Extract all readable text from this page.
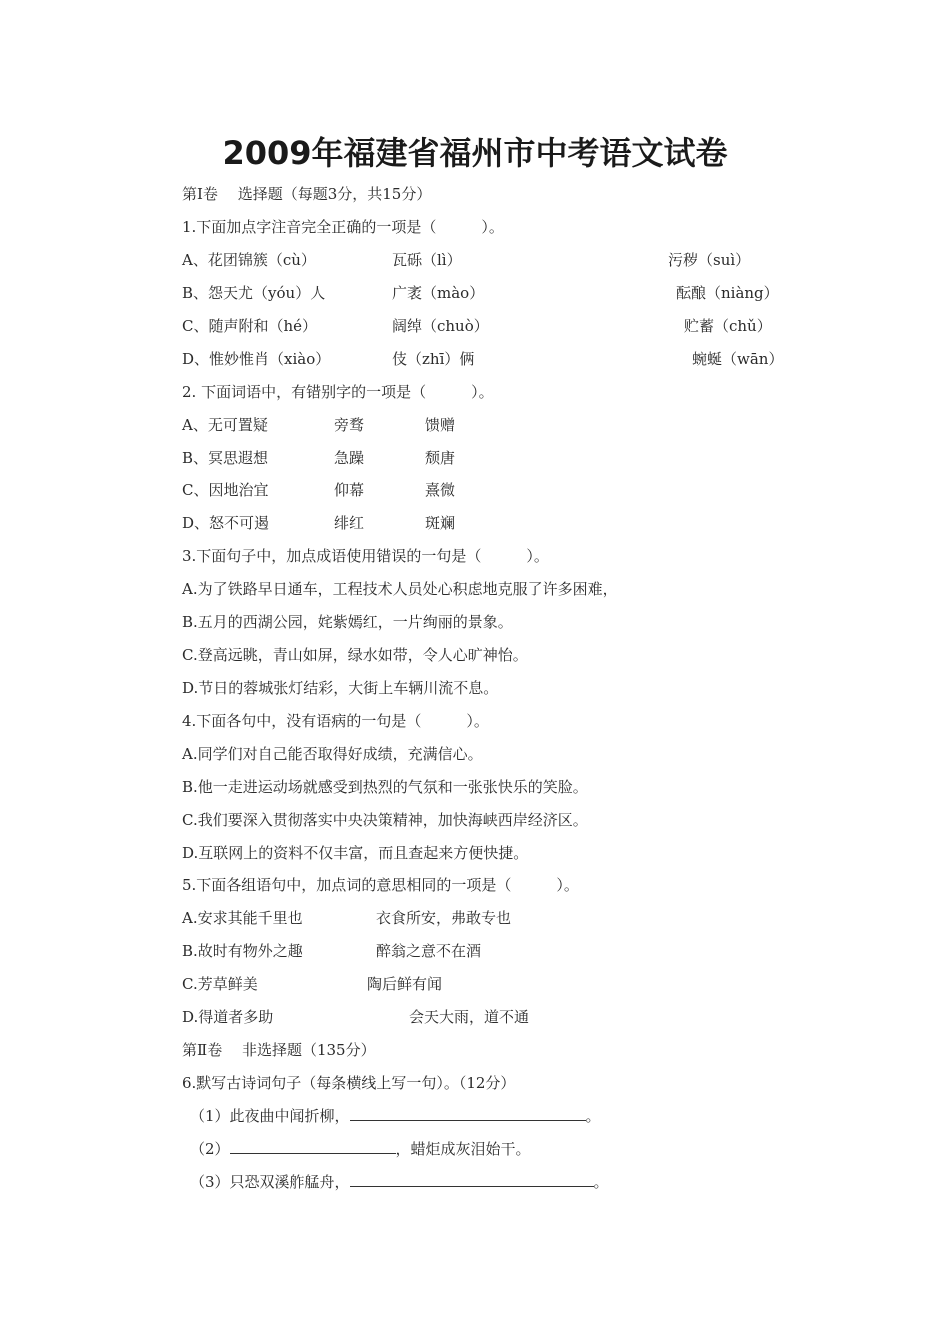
2009年福建省福州市中考语文试卷
第Ⅰ卷　 选择题（每题3分，共15分）
1.下面加点字注音完全正确的一项是（　　　）。
A、花团锦簇（cù）	瓦砾（lì）	污秽（suì）
B、怨天尤（yóu）人	广袤（mào）	酝酿（niàng）
C、随声附和（hé）	阔绰（chuò）	贮蓄（chǔ）
D、惟妙惟肖（xiào）	伎（zhī）俩	蜿蜒（wān）
2. 下面词语中，有错别字的一项是（　　　）。
A、无可置疑	旁骛	馈赠
B、冥思遐想	急躁	颓唐
C、因地治宜	仰幕	熹微
D、怒不可遏	绯红	斑斓
3.下面句子中，加点成语使用错误的一句是（　　　）。
A.为了铁路早日通车，工程技术人员处心积虑地克服了许多困难，
B.五月的西湖公园，姹紫嫣红，一片绚丽的景象。
C.登高远眺，青山如屏，绿水如带，令人心旷神怡。
D.节日的蓉城张灯结彩，大街上车辆川流不息。
4.下面各句中，没有语病的一句是（　　　）。
A.同学们对自己能否取得好成绩，充满信心。
B.他一走进运动场就感受到热烈的气氛和一张张快乐的笑脸。
C.我们要深入贯彻落实中央决策精神，加快海峡西岸经济区。
D.互联网上的资料不仅丰富，而且查起来方便快捷。
5.下面各组语句中，加点词的意思相同的一项是（　　　）。
A.安求其能千里也	衣食所安，弗敢专也
B.故时有物外之趣	醉翁之意不在酒
C.芳草鲜美	陶后鲜有闻
D.得道者多助	会天大雨，道不通
第Ⅱ卷　 非选择题（135分）
6.默写古诗词句子（每条横线上写一句）。（12分）
（1）此夜曲中闻折柳，	。
（2）	，蜡炬成灰泪始干。
（3）只恐双溪舴艋舟，	。
